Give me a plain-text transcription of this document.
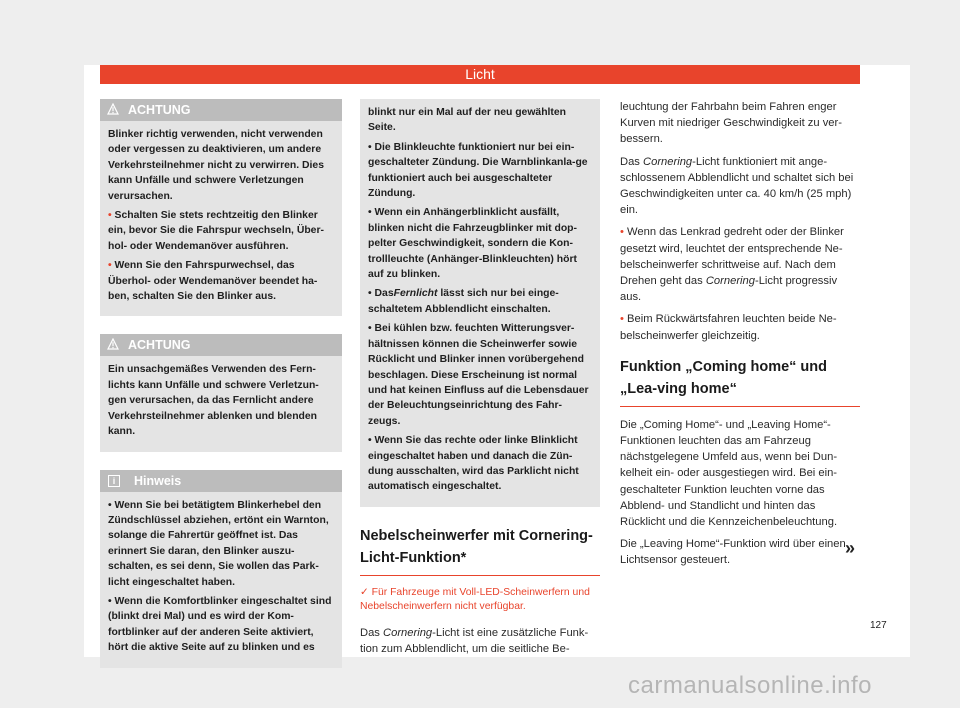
Licht
ACHTUNG

Blinker richtig verwenden, nicht verwenden oder vergessen zu deaktivieren, um andere Verkehrsteilnehmer nicht zu verwirren. Dies kann Unfälle und schwere Verletzungen verursachen.

• Schalten Sie stets rechtzeitig den Blinker ein, bevor Sie die Fahrspur wechseln, Über-hol- oder Wendemanöver ausführen.

• Wenn Sie den Fahrspurwechsel, das Überhol- oder Wendemanöver beendet ha-ben, schalten Sie den Blinker aus.

ACHTUNG

Ein unsachgemäßes Verwenden des Fern-lichts kann Unfälle und schwere Verletzun-gen verursachen, da das Fernlicht andere Verkehrsteilnehmer ablenken und blenden kann.

i	Hinweis

• Wenn Sie bei betätigtem Blinkerhebel den Zündschlüssel abziehen, ertönt ein Warnton, solange die Fahrertür geöffnet ist. Das erinnert Sie daran, den Blinker auszu-schalten, es sei denn, Sie wollen das Park-licht eingeschaltet haben.

• Wenn die Komfortblinker eingeschaltet sind (blinkt drei Mal) und es wird der Kom-fortblinker auf der anderen Seite aktiviert, hört die aktive Seite auf zu blinken und es

blinkt nur ein Mal auf der neu gewählten Seite.

• Die Blinkleuchte funktioniert nur bei ein-geschalteter Zündung. Die Warnblinkanla-ge funktioniert auch bei ausgeschalteter Zündung.

• Wenn ein Anhängerblinklicht ausfällt, blinken nicht die Fahrzeugblinker mit dop-pelter Geschwindigkeit, sondern die Kon-trollleuchte (Anhänger-Blinkleuchten) hört auf zu blinken.

• DasFernlicht lässt sich nur bei einge-schaltetem Abblendlicht einschalten.

• Bei kühlen bzw. feuchten Witterungsver-hältnissen können die Scheinwerfer sowie Rücklicht und Blinker innen vorübergehend beschlagen. Diese Erscheinung ist normal und hat keinen Einfluss auf die Lebensdauer der Beleuchtungseinrichtung des Fahr-zeugs.

• Wenn Sie das rechte oder linke Blinklicht eingeschaltet haben und danach die Zün-dung ausschalten, wird das Parklicht nicht automatisch eingeschaltet.

Nebelscheinwerfer mit Cornering-Licht-Funktion*
✓ Für Fahrzeuge mit Voll-LED-Scheinwerfern und Nebelscheinwerfern nicht verfügbar.

Das Cornering-Licht ist eine zusätzliche Funk-tion zum Abblendlicht, um die seitliche Be-

leuchtung der Fahrbahn beim Fahren enger Kurven mit niedriger Geschwindigkeit zu ver-bessern.

Das Cornering-Licht funktioniert mit ange-schlossenem Abblendlicht und schaltet sich bei Geschwindigkeiten unter ca. 40 km/h (25 mph) ein.

• Wenn das Lenkrad gedreht oder der Blinker gesetzt wird, leuchtet der entsprechende Ne-belscheinwerfer schrittweise auf. Nach dem Drehen geht das Cornering-Licht progressiv aus.

• Beim Rückwärtsfahren leuchten beide Ne-belscheinwerfer gleichzeitig.

Funktion „Coming home“ und „Lea-ving home“

Die „Coming Home“- und „Leaving Home“-Funktionen leuchten das am Fahrzeug nächstgelegene Umfeld aus, wenn bei Dun-kelheit ein- oder ausgestiegen wird. Bei ein-geschalteter Funktion leuchten vorne das Abblend- und Standlicht und hinten das Rücklicht und die Kennzeichenbeleuchtung.

Die „Leaving Home“-Funktion wird über einen Lichtsensor gesteuert.

»
127
carmanualsonline.info
